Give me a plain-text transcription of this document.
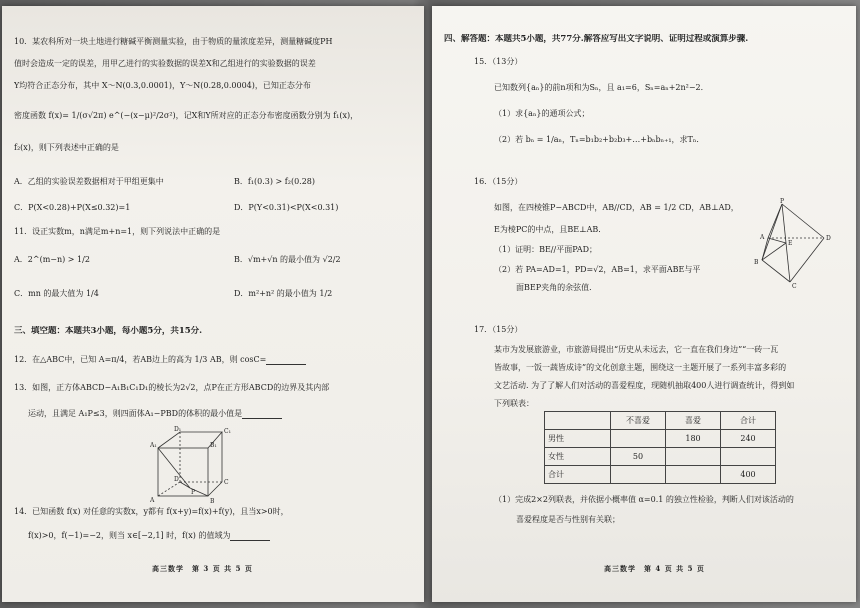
10．某农科所对一块土地进行糖碱平衡测量实验，由于物质的量浓度差异，测量糖碱度PH
值时会造成一定的误差，用甲乙进行的实验数据的误差X和乙组进行的实验数据的误差
Y均符合正态分布，其中 X～N(0.3,0.0001)，Y～N(0.28,0.0004)，已知正态分布
密度函数 f(x)= 1/(σ√2π) e^(−(x−μ)²/2σ²)，记X和Y所对应的正态分布密度函数分别为 f₁(x)，
f₂(x)，则下列表述中正确的是
A．乙组的实验误差数据相对于甲组更集中	B．f₁(0.3) > f₂(0.28)
C．P(X<0.28)+P(X≤0.32)=1	D．P(Y<0.31)<P(X<0.31)
11．设正实数m，n满足m+n=1，则下列说法中正确的是
A．2^(m−n) > 1/2	B．√m+√n 的最小值为 √2/2
C．mn 的最大值为 1/4	D．m²+n² 的最小值为 1/2
三、填空题：本题共3小题，每小题5分，共15分.
12．在△ABC中，已知 A=π/4，若AB边上的高为 1/3 AB，则 cosC=
13．如图，正方体ABCD−A₁B₁C₁D₁的棱长为2√2，点P在正方形ABCD的边界及其内部
运动，且满足 A₁P≤3，则四面体A₁−PBD的体积的最小值是
A₁
D₁	C₁
B₁
A	B
C
D
P
14．已知函数 f(x) 对任意的实数x，y都有 f(x+y)=f(x)+f(y)，且当x>0时，
f(x)>0，f(−1)=−2，则当 x∈[−2,1] 时，f(x) 的值域为
高三数学　第 3 页 共 5 页
四、解答题：本题共5小题，共77分.解答应写出文字说明、证明过程或演算步骤.
15．（13分）
已知数列{aₙ}的前n项和为Sₙ，且 a₁=6，Sₙ=aₙ+2n²−2．
（1）求{aₙ}的通项公式；
（2）若 bₙ = 1/aₙ，Tₙ=b₁b₂+b₂b₃+…+bₙbₙ₊₁，求Tₙ．
16．（15分）
如图，在四棱锥P−ABCD中，AB//CD，AB = 1/2 CD，AB⊥AD，
E为棱PC的中点，且BE⊥AB．
（1）证明：BE//平面PAD；
（2）若 PA=AD=1，PD=√2，AB=1，求平面ABE与平
面BEP夹角的余弦值．
P
A
B
C
D
E
17．（15分）
某市为发展旅游业，市旅游局提出“历史从未远去，它一直在我们身边”“一砖一瓦
皆故事，一饭一蔬皆成诗”的文化创意主题，围绕这一主题开展了一系列丰富多彩的
文艺活动. 为了了解人们对活动的喜爱程度，现随机抽取400人进行调查统计，得到如
下列联表：
	不喜爱	喜爱	合计
男性		180	240
女性	50		
合计			400
（1）完成2×2列联表，并依据小概率值 α=0.1 的独立性检验，判断人们对该活动的
喜爱程度是否与性别有关联；
高三数学　第 4 页 共 5 页
